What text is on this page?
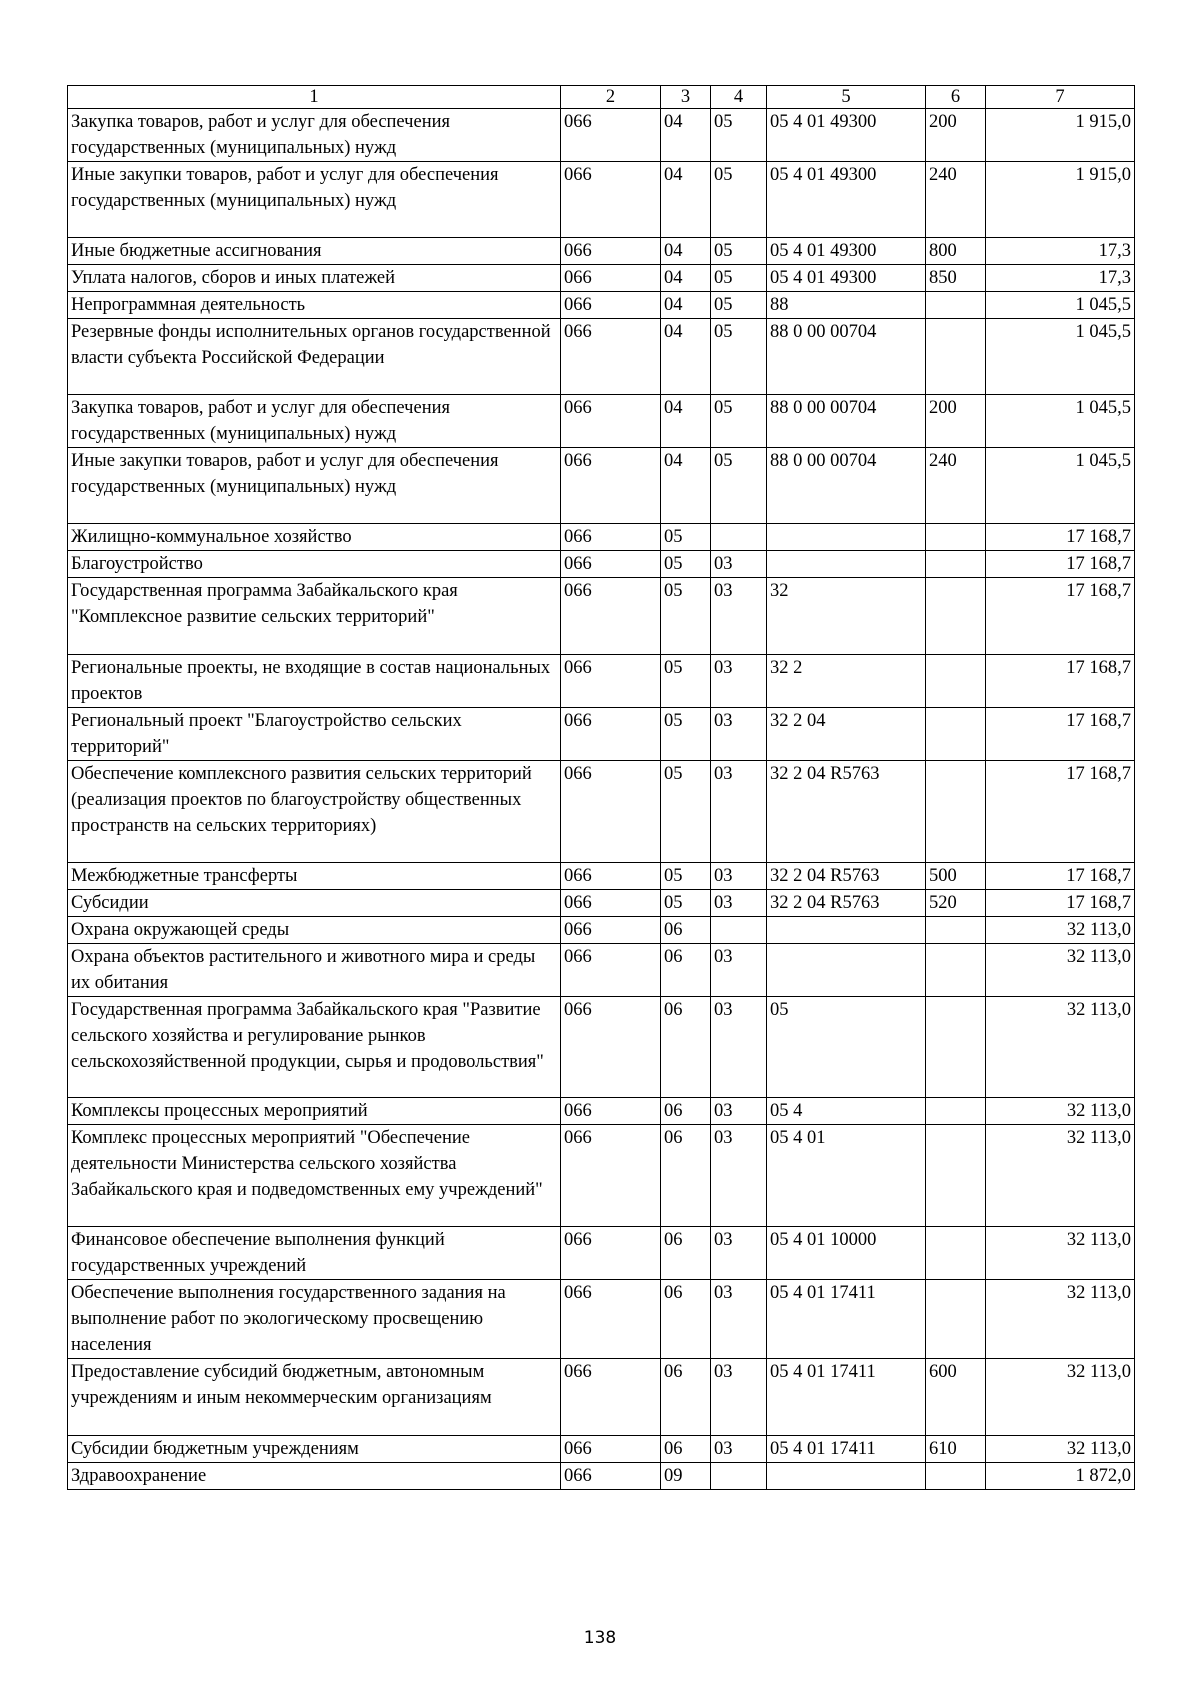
1	2	3	4	5	6	7
Закупка товаров, работ и услуг для обеспечения государственных (муниципальных) нужд	066	04	05	05 4 01 49300	200	1 915,0
Иные закупки товаров, работ и услуг для обеспечения государственных (муниципальных) нужд	066	04	05	05 4 01 49300	240	1 915,0
Иные бюджетные ассигнования	066	04	05	05 4 01 49300	800	17,3
Уплата налогов, сборов и иных платежей	066	04	05	05 4 01 49300	850	17,3
Непрограммная деятельность	066	04	05	88		1 045,5
Резервные фонды исполнительных органов государственной власти субъекта Российской Федерации	066	04	05	88 0 00 00704		1 045,5
Закупка товаров, работ и услуг для обеспечения государственных (муниципальных) нужд	066	04	05	88 0 00 00704	200	1 045,5
Иные закупки товаров, работ и услуг для обеспечения государственных (муниципальных) нужд	066	04	05	88 0 00 00704	240	1 045,5
Жилищно-коммунальное хозяйство	066	05				17 168,7
Благоустройство	066	05	03			17 168,7
Государственная программа Забайкальского края "Комплексное развитие сельских территорий"	066	05	03	32		17 168,7
Региональные проекты, не входящие в состав национальных проектов	066	05	03	32 2		17 168,7
Региональный проект "Благоустройство сельских территорий"	066	05	03	32 2 04		17 168,7
Обеспечение комплексного развития сельских территорий (реализация проектов по благоустройству общественных пространств на сельских территориях)	066	05	03	32 2 04 R5763		17 168,7
Межбюджетные трансферты	066	05	03	32 2 04 R5763	500	17 168,7
Субсидии	066	05	03	32 2 04 R5763	520	17 168,7
Охрана окружающей среды	066	06				32 113,0
Охрана объектов растительного и животного мира и среды их обитания	066	06	03			32 113,0
Государственная программа Забайкальского края "Развитие сельского хозяйства и регулирование рынков сельскохозяйственной продукции, сырья и продовольствия"	066	06	03	05		32 113,0
Комплексы процессных мероприятий	066	06	03	05 4		32 113,0
Комплекс процессных мероприятий "Обеспечение деятельности Министерства сельского хозяйства Забайкальского края и подведомственных ему учреждений"	066	06	03	05 4 01		32 113,0
Финансовое обеспечение выполнения функций государственных учреждений	066	06	03	05 4 01 10000		32 113,0
Обеспечение выполнения государственного задания на выполнение работ по экологическому просвещению населения	066	06	03	05 4 01 17411		32 113,0
Предоставление субсидий бюджетным, автономным учреждениям и иным некоммерческим организациям	066	06	03	05 4 01 17411	600	32 113,0
Субсидии бюджетным учреждениям	066	06	03	05 4 01 17411	610	32 113,0
Здравоохранение	066	09				1 872,0
138
